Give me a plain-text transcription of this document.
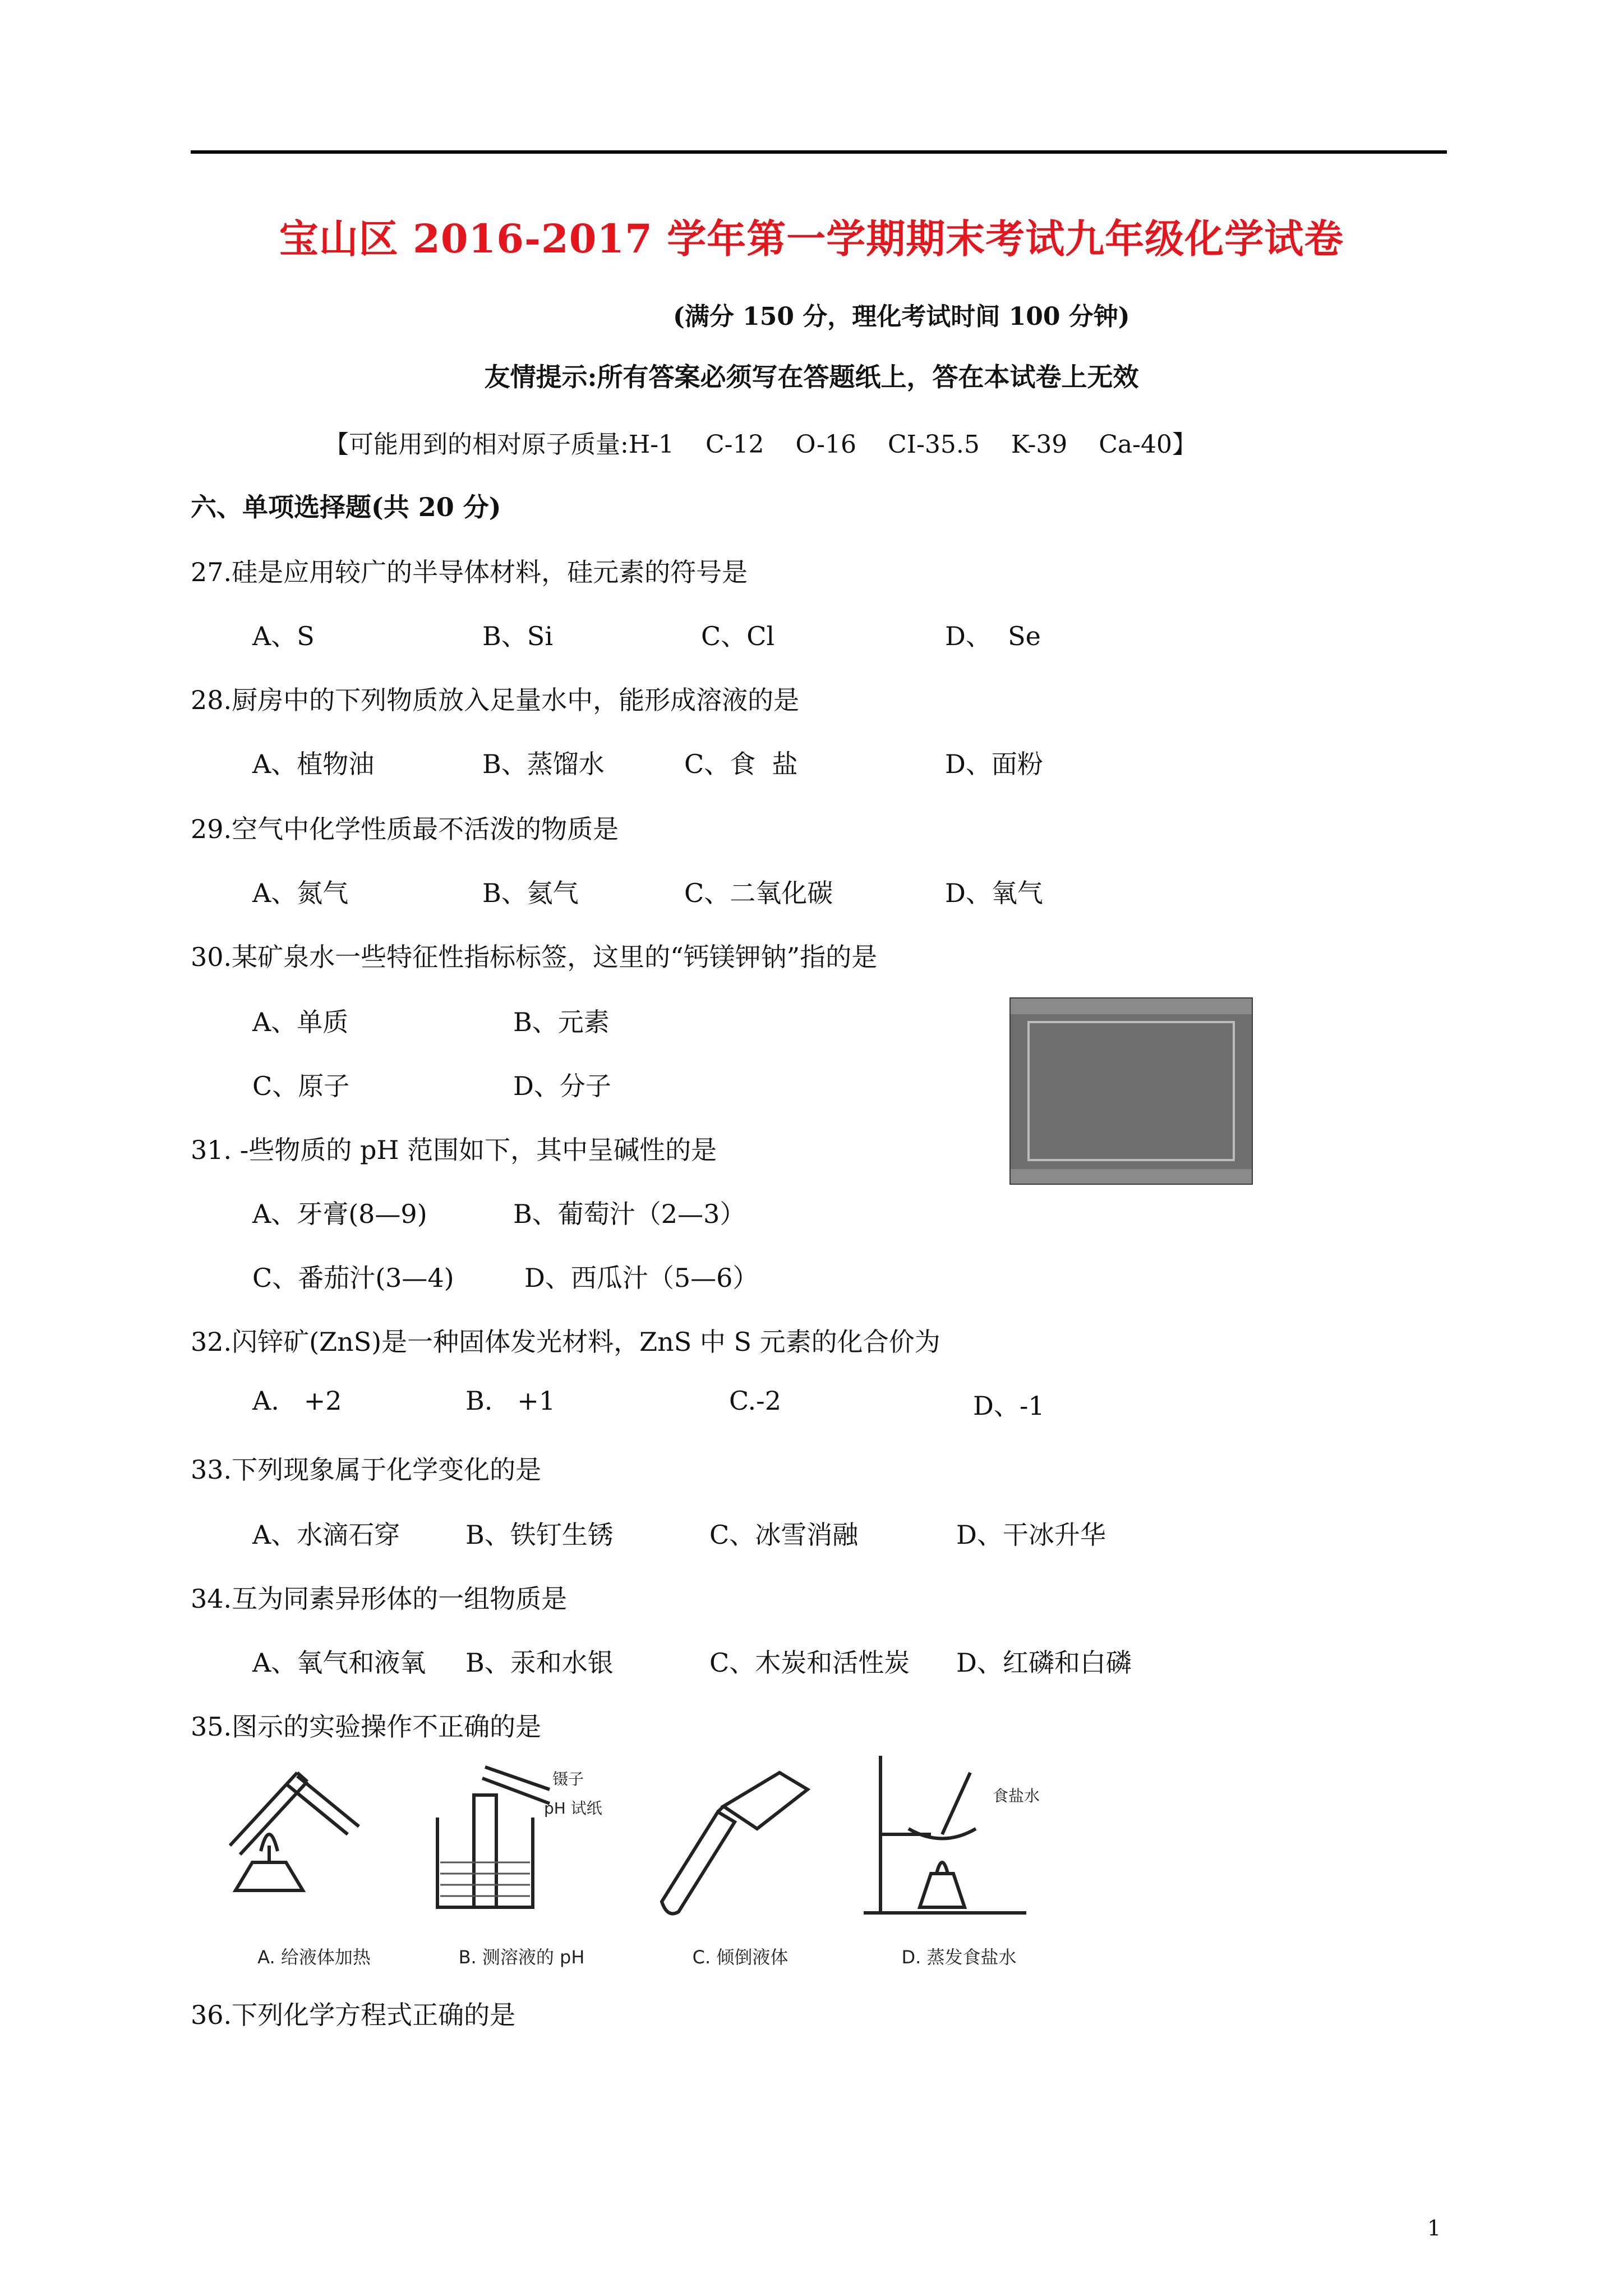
宝山区 2016-2017 学年第一学期期末考试九年级化学试卷
(满分 150 分，理化考试时间 100 分钟)
友情提示:所有答案必须写在答题纸上，答在本试卷上无效
【可能用到的相对原子质量:H-1    C-12    O-16    CI-35.5    K-39    Ca-40】
六、单项选择题(共 20 分)
27.硅是应用较广的半导体材料，硅元素的符号是
A、S	B、Si	C、Cl	D、  Se
28.厨房中的下列物质放入足量水中，能形成溶液的是
A、植物油	B、蒸馏水	C、食  盐	D、面粉
29.空气中化学性质最不活泼的物质是
A、氮气	B、氦气	C、二氧化碳	D、氧气
30.某矿泉水一些特征性指标标签，这里的“钙镁钾钠”指的是
A、单质	B、元素
C、原子	D、分子
31. -些物质的 pH 范围如下，其中呈碱性的是
A、牙膏(8—9)	B、葡萄汁（2—3）
C、番茄汁(3—4)	D、西瓜汁（5—6）
32.闪锌矿(ZnS)是一种固体发光材料，ZnS 中 S 元素的化合价为
A.   +2	B.   +1	C.-2	D、-1
33.下列现象属于化学变化的是
A、水滴石穿	B、铁钉生锈	C、冰雪消融	D、干冰升华
34.互为同素异形体的一组物质是
A、氧气和液氧 B、汞和水银	C、木炭和活性炭 D、红磷和白磷
35.图示的实验操作不正确的是
A. 给液体加热
镊子
pH 试纸
B. 测溶液的 pH	C. 倾倒液体
食盐水
D. 蒸发食盐水
36.下列化学方程式正确的是
1
